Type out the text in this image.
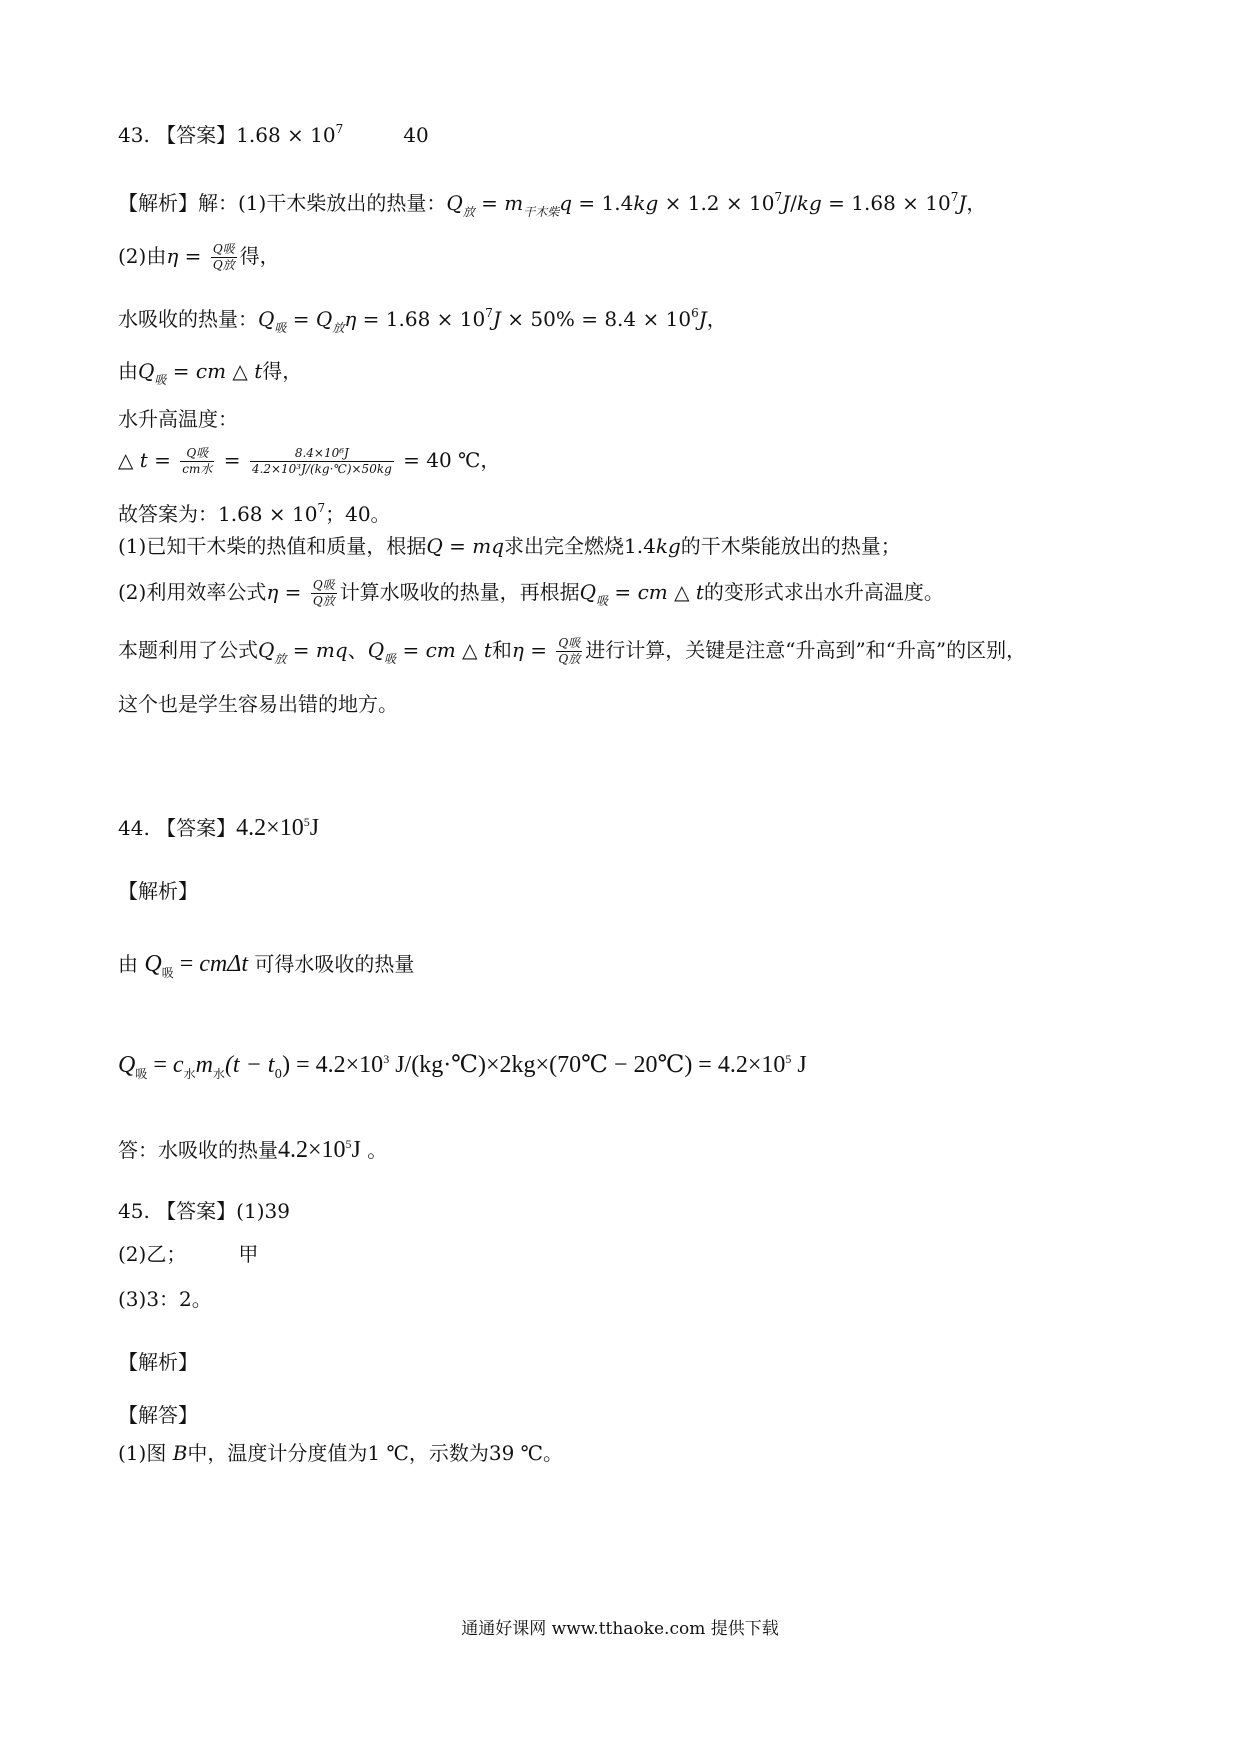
43. 【答案】$1.68 \times 10^7$	40
【解析】解：(1)干木柴放出的热量：$Q_放 = m_{干木柴}q = 1.4kg \times 1.2 \times 10^7J/kg = 1.68 \times 10^7J$，
(2)由$\eta = \frac{\text{Q吸}}{\text{Q放}}$ 得，
水吸收的热量：$Q_吸 = Q_放\eta = 1.68 \times 10^7J \times 50\% = 8.4 \times 10^6J$，
由$Q_吸$ = cm △ t得，
水升高温度：
△ $t = \frac{\text{Q吸}}{\text{cm水}} = \frac{\text{8.4×10⁶J}}{\text{4.2×10³J/(kg·℃)×50kg}} = 40$ ℃，
故答案为：$1.68 \times 10^7$；40。
(1)已知干木柴的热值和质量，根据Q = mq求出完全燃烧1.4kg的干木柴能放出的热量；
(2)利用效率公式$\eta = \frac{\text{Q吸}}{\text{Q放}}$ 计算水吸收的热量，再根据$Q_吸$ = cm △ t的变形式求出水升高温度。
本题利用了公式$Q_放$ = mq、$Q_吸$ = cm △ t和$\eta = \frac{\text{Q吸}}{\text{Q放}}$ 进行计算，关键是注意“升高到”和“升高”的区别，
这个也是学生容易出错的地方。
44. 【答案】$4.2\times 10^5J$
【解析】
由 $Q_吸 = cm\Delta t$ 可得水吸收的热量
$Q_吸 = c_水m_水(t - t_0) = 4.2\times 10^3$ J/(kg·℃)×2kg×(70℃ − 20℃) = $4.2\times 10^5$ J
答：水吸收的热量$4.2\times 10^5J$ 。
45. 【答案】(1)39
(2)乙；	甲
(3)3：2。
【解析】
【解答】
(1)图 B中，温度计分度值为1 ℃，示数为39 ℃。
通通好课网 www.tthaoke.com 提供下载
